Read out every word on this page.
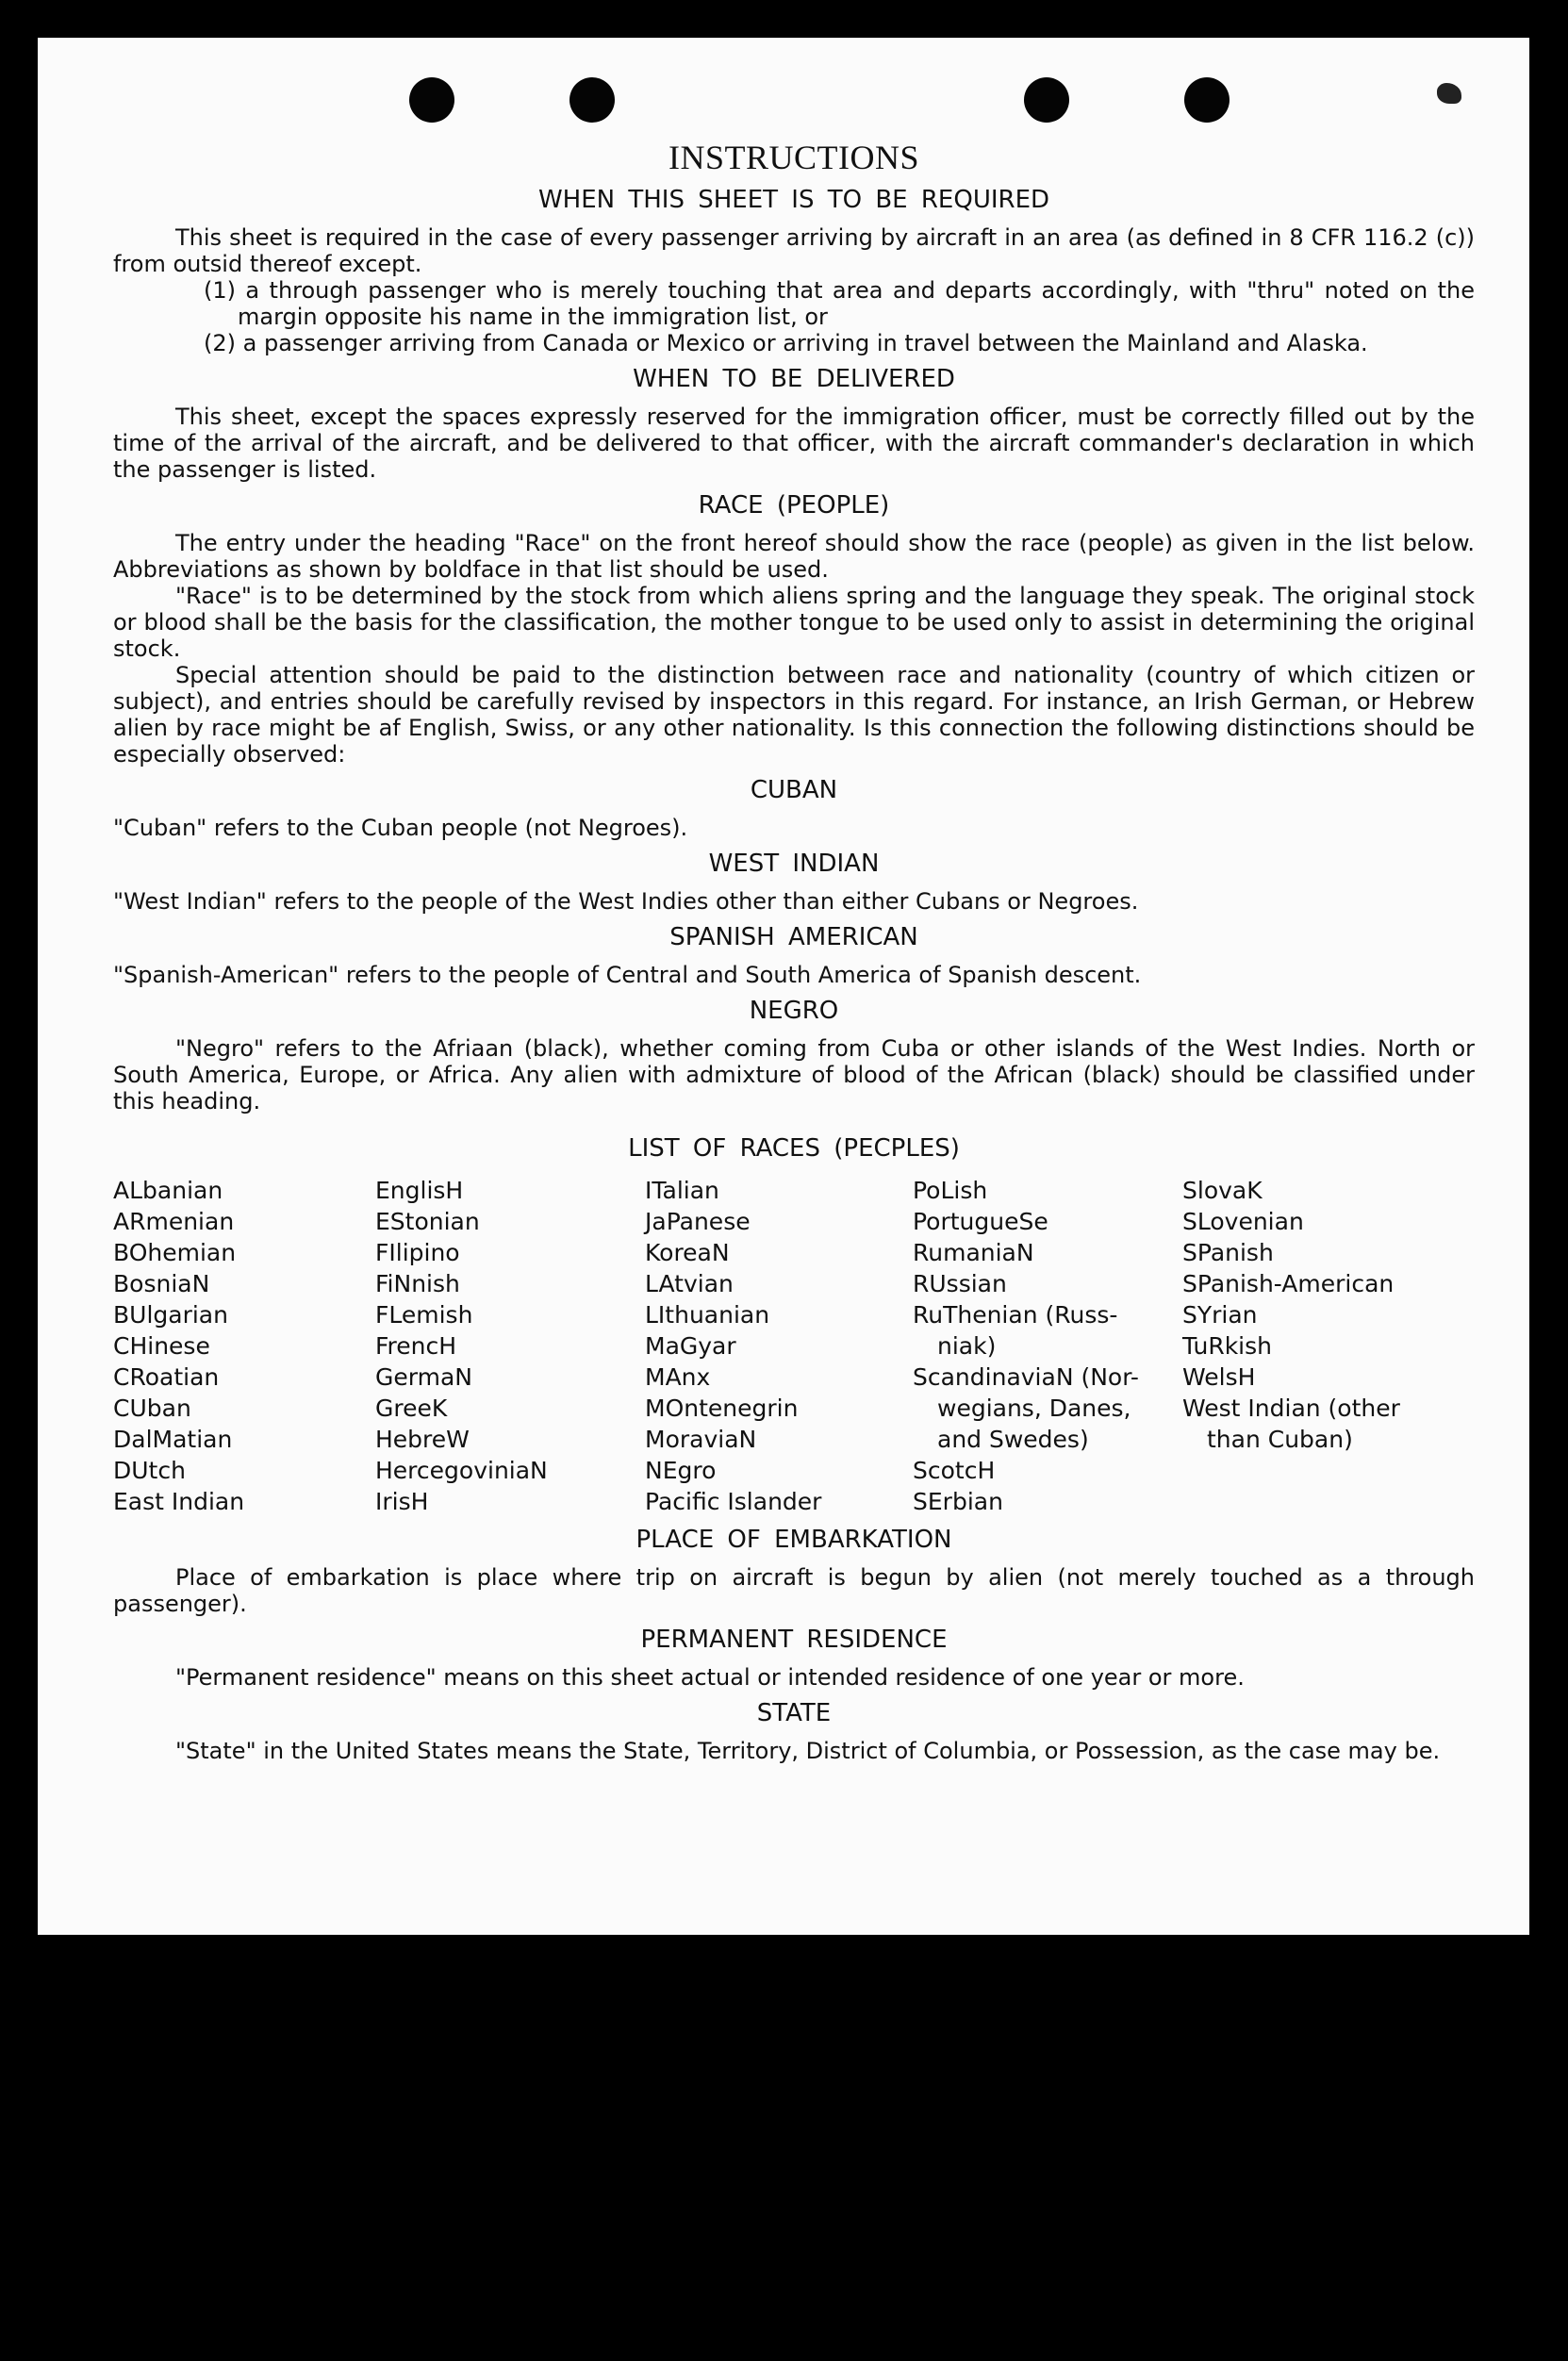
INSTRUCTIONS
WHEN THIS SHEET IS TO BE REQUIRED

This sheet is required in the case of every passenger arriving by aircraft in an area (as defined in 8 CFR 116.2 (c)) from outsid thereof except.

(1) a through passenger who is merely touching that area and departs accordingly, with "thru" noted on the margin opposite his name in the immigration list, or

(2) a passenger arriving from Canada or Mexico or arriving in travel between the Mainland and Alaska.

WHEN TO BE DELIVERED

This sheet, except the spaces expressly reserved for the immigration officer, must be correctly filled out by the time of the arrival of the aircraft, and be delivered to that officer, with the aircraft commander's declaration in which the passenger is listed.

RACE (PEOPLE)

The entry under the heading "Race" on the front hereof should show the race (people) as given in the list below. Abbreviations as shown by boldface in that list should be used.

"Race" is to be determined by the stock from which aliens spring and the language they speak. The original stock or blood shall be the basis for the classification, the mother tongue to be used only to assist in determining the original stock.

Special attention should be paid to the distinction between race and nationality (country of which citizen or subject), and entries should be carefully revised by inspectors in this regard. For instance, an Irish German, or Hebrew alien by race might be af English, Swiss, or any other nationality. Is this connection the following distinctions should be especially observed:

CUBAN

"Cuban" refers to the Cuban people (not Negroes).

WEST INDIAN

"West Indian" refers to the people of the West Indies other than either Cubans or Negroes.

SPANISH AMERICAN

"Spanish-American" refers to the people of Central and South America of Spanish descent.

NEGRO

"Negro" refers to the Afriaan (black), whether coming from Cuba or other islands of the West Indies. North or South America, Europe, or Africa. Any alien with admixture of blood of the African (black) should be classified under this heading.

LIST OF RACES (PECPLES)
ALbanian
ARmenian
BOhemian
BosniaN
BUlgarian
CHinese
CRoatian
CUban
DalMatian
DUtch
East Indian
EnglisH
EStonian
FIlipino
FiNnish
FLemish
FrencH
GermaN
GreeK
HebreW
HercegoviniaN
IrisH
ITalian
JaPanese
KoreaN
LAtvian
LIthuanian
MaGyar
MAnx
MOntenegrin
MoraviaN
NEgro
Pacific Islander
PoLish
PortugueSe
RumaniaN
RUssian
RuThenian (Russ-
niak)
ScandinaviaN (Nor-
wegians, Danes,
and Swedes)
ScotcH
SErbian
SlovaK
SLovenian
SPanish
SPanish-American
SYrian
TuRkish
WelsH
West Indian (other
than Cuban)
PLACE OF EMBARKATION

Place of embarkation is place where trip on aircraft is begun by alien (not merely touched as a through passenger).

PERMANENT RESIDENCE

"Permanent residence" means on this sheet actual or intended residence of one year or more.

STATE

"State" in the United States means the State, Territory, District of Columbia, or Possession, as the case may be.
